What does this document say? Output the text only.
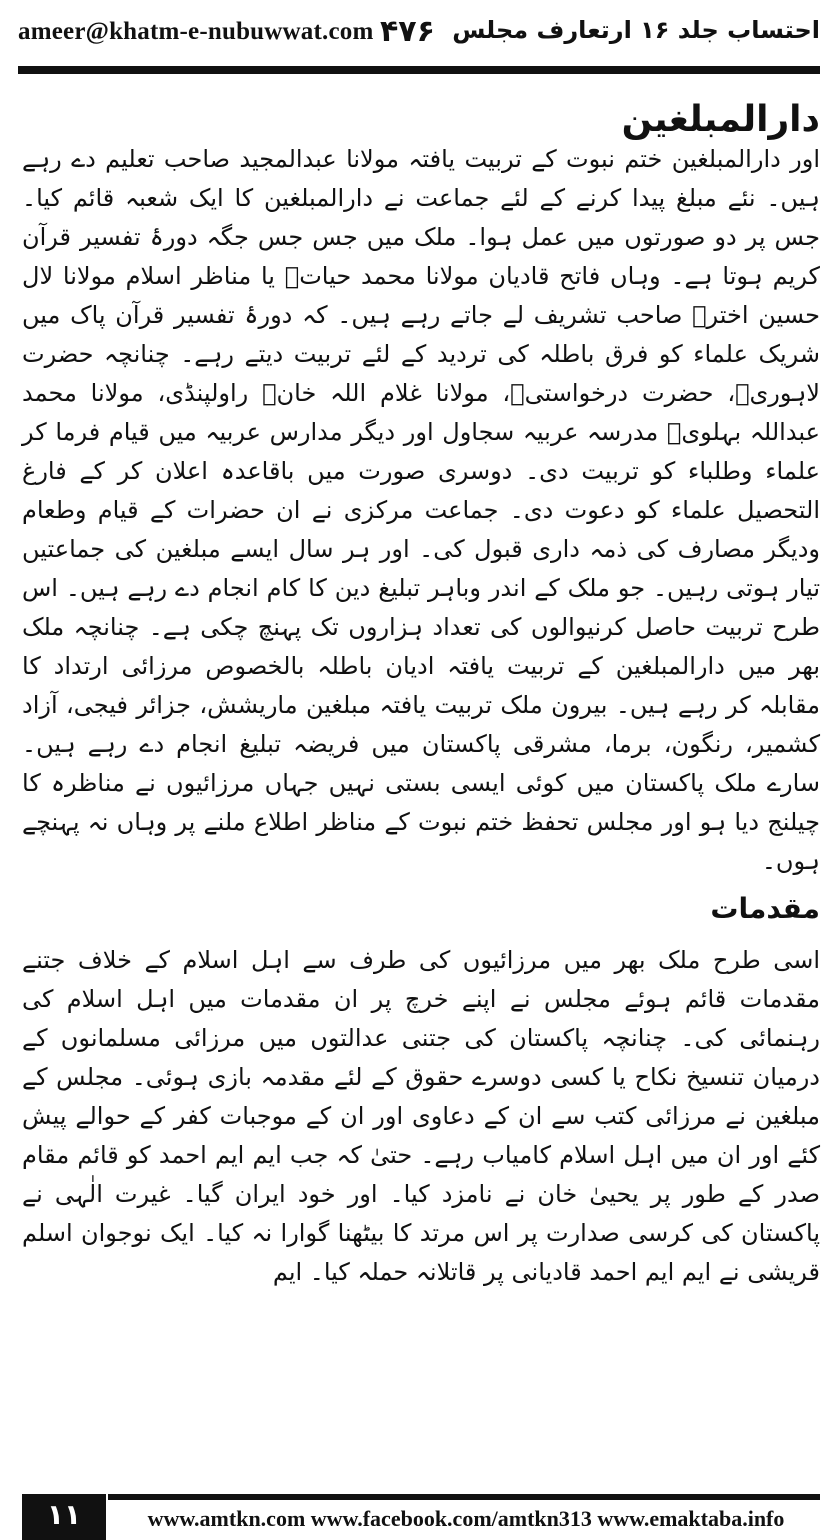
ameer@khatm-e-nubuwwat.com ۴۷۶ احتساب جلد ۱۶ ارتعارف مجلس
دارالمبلغین

اور دارالمبلغین ختم نبوت کے تربیت یافتہ مولانا عبدالمجید صاحب تعلیم دے رہے ہیں۔ نئے مبلغ پیدا کرنے کے لئے جماعت نے دارالمبلغین کا ایک شعبہ قائم کیا۔ جس پر دو صورتوں میں عمل ہوا۔ ملک میں جس جس جگہ دورۂ تفسیر قرآن کریم ہوتا ہے۔ وہاں فاتح قادیان مولانا محمد حیاتؒ یا مناظر اسلام مولانا لال حسین اخترؒ صاحب تشریف لے جاتے رہے ہیں۔ کہ دورۂ تفسیر قرآن پاک میں شریک علماء کو فرق باطلہ کی تردید کے لئے تربیت دیتے رہے۔ چنانچہ حضرت لاہوریؒ، حضرت درخواستیؒ، مولانا غلام اللہ خانؒ راولپنڈی، مولانا محمد عبداللہ بہلویؒ مدرسہ عربیہ سجاول اور دیگر مدارس عربیہ میں قیام فرما کر علماء وطلباء کو تربیت دی۔ دوسری صورت میں باقاعدہ اعلان کر کے فارغ التحصیل علماء کو دعوت دی۔ جماعت مرکزی نے ان حضرات کے قیام وطعام ودیگر مصارف کی ذمہ داری قبول کی۔ اور ہر سال ایسے مبلغین کی جماعتیں تیار ہوتی رہیں۔ جو ملک کے اندر وباہر تبلیغ دین کا کام انجام دے رہے ہیں۔ اس طرح تربیت حاصل کرنیوالوں کی تعداد ہزاروں تک پہنچ چکی ہے۔ چنانچہ ملک بھر میں دارالمبلغین کے تربیت یافتہ ادیان باطلہ بالخصوص مرزائی ارتداد کا مقابلہ کر رہے ہیں۔ بیرون ملک تربیت یافتہ مبلغین ماریشش، جزائر فیجی، آزاد کشمیر، رنگون، برما، مشرقی پاکستان میں فریضہ تبلیغ انجام دے رہے ہیں۔ سارے ملک پاکستان میں کوئی ایسی بستی نہیں جہاں مرزائیوں نے مناظرہ کا چیلنج دیا ہو اور مجلس تحفظ ختم نبوت کے مناظر اطلاع ملنے پر وہاں نہ پہنچے ہوں۔

مقدمات

اسی طرح ملک بھر میں مرزائیوں کی طرف سے اہل اسلام کے خلاف جتنے مقدمات قائم ہوئے مجلس نے اپنے خرچ پر ان مقدمات میں اہل اسلام کی رہنمائی کی۔ چنانچہ پاکستان کی جتنی عدالتوں میں مرزائی مسلمانوں کے درمیان تنسیخ نکاح یا کسی دوسرے حقوق کے لئے مقدمہ بازی ہوئی۔ مجلس کے مبلغین نے مرزائی کتب سے ان کے دعاوی اور ان کے موجبات کفر کے حوالے پیش کئے اور ان میں اہل اسلام کامیاب رہے۔ حتیٰ کہ جب ایم ایم احمد کو قائم مقام صدر کے طور پر یحییٰ خان نے نامزد کیا۔ اور خود ایران گیا۔ غیرت الٰہی نے پاکستان کی کرسی صدارت پر اس مرتد کا بیٹھنا گوارا نہ کیا۔ ایک نوجوان اسلم قریشی نے ایم ایم احمد قادیانی پر قاتلانہ حملہ کیا۔ ایم

۱۱	www.amtkn.com www.facebook.com/amtkn313 www.emaktaba.info
